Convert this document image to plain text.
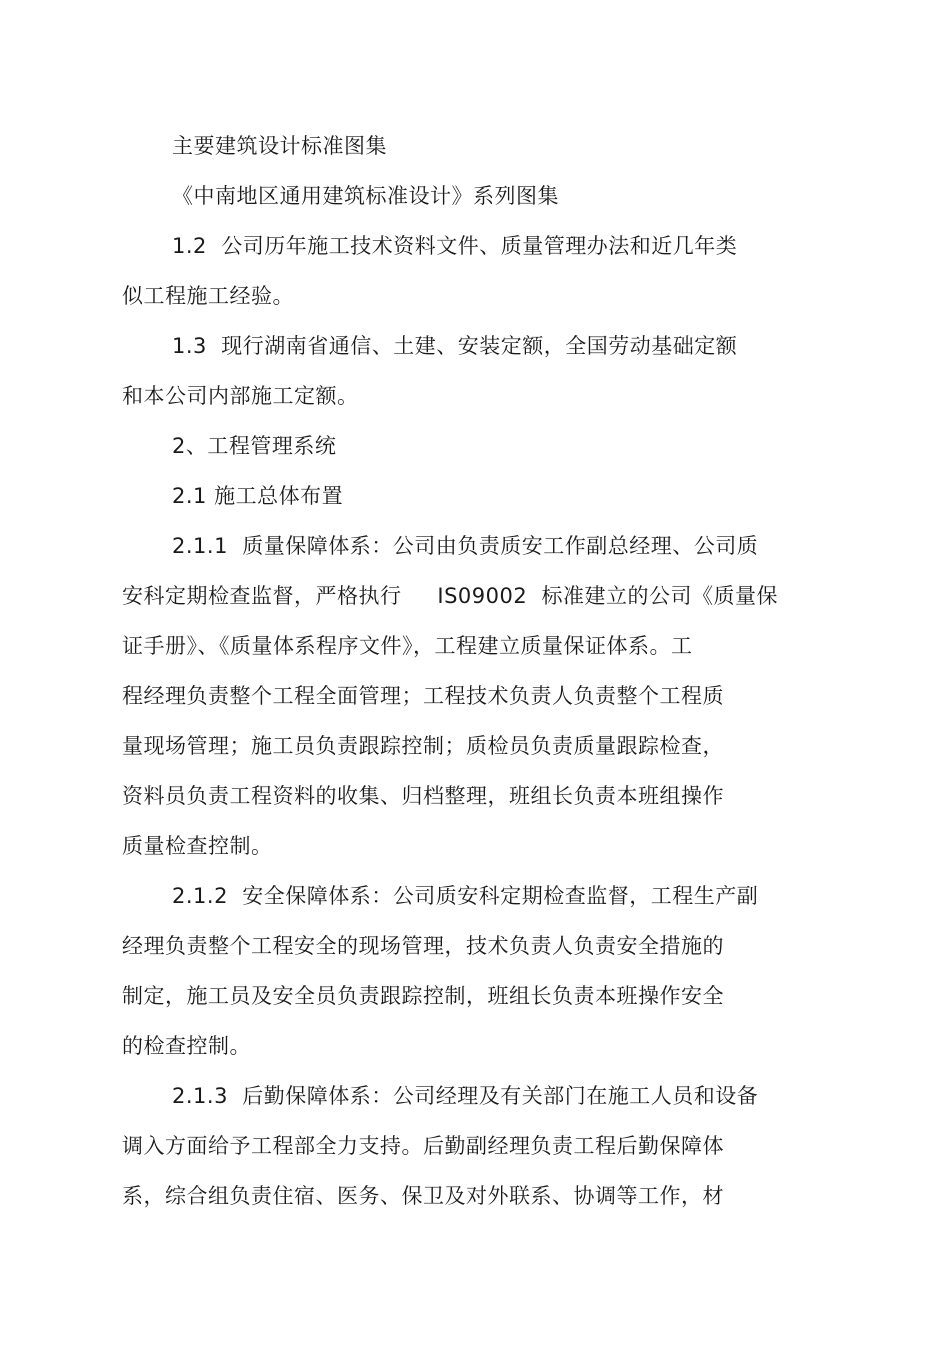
主要建筑设计标准图集
《中南地区通用建筑标准设计》系列图集
1.2  公司历年施工技术资料文件、质量管理办法和近几年类
似工程施工经验。
1.3  现行湖南省通信、土建、安装定额，全国劳动基础定额
和本公司内部施工定额。
2、工程管理系统
2.1 施工总体布置
2.1.1  质量保障体系：公司由负责质安工作副总经理、公司质
安科定期检查监督，严格执行     IS09002  标准建立的公司《质量保
证手册》、《质量体系程序文件》，工程建立质量保证体系。工
程经理负责整个工程全面管理；工程技术负责人负责整个工程质
量现场管理；施工员负责跟踪控制；质检员负责质量跟踪检查，
资料员负责工程资料的收集、归档整理，班组长负责本班组操作
质量检查控制。
2.1.2  安全保障体系：公司质安科定期检查监督，工程生产副
经理负责整个工程安全的现场管理，技术负责人负责安全措施的
制定，施工员及安全员负责跟踪控制，班组长负责本班操作安全
的检查控制。
2.1.3  后勤保障体系：公司经理及有关部门在施工人员和设备
调入方面给予工程部全力支持。后勤副经理负责工程后勤保障体
系，综合组负责住宿、医务、保卫及对外联系、协调等工作，材
